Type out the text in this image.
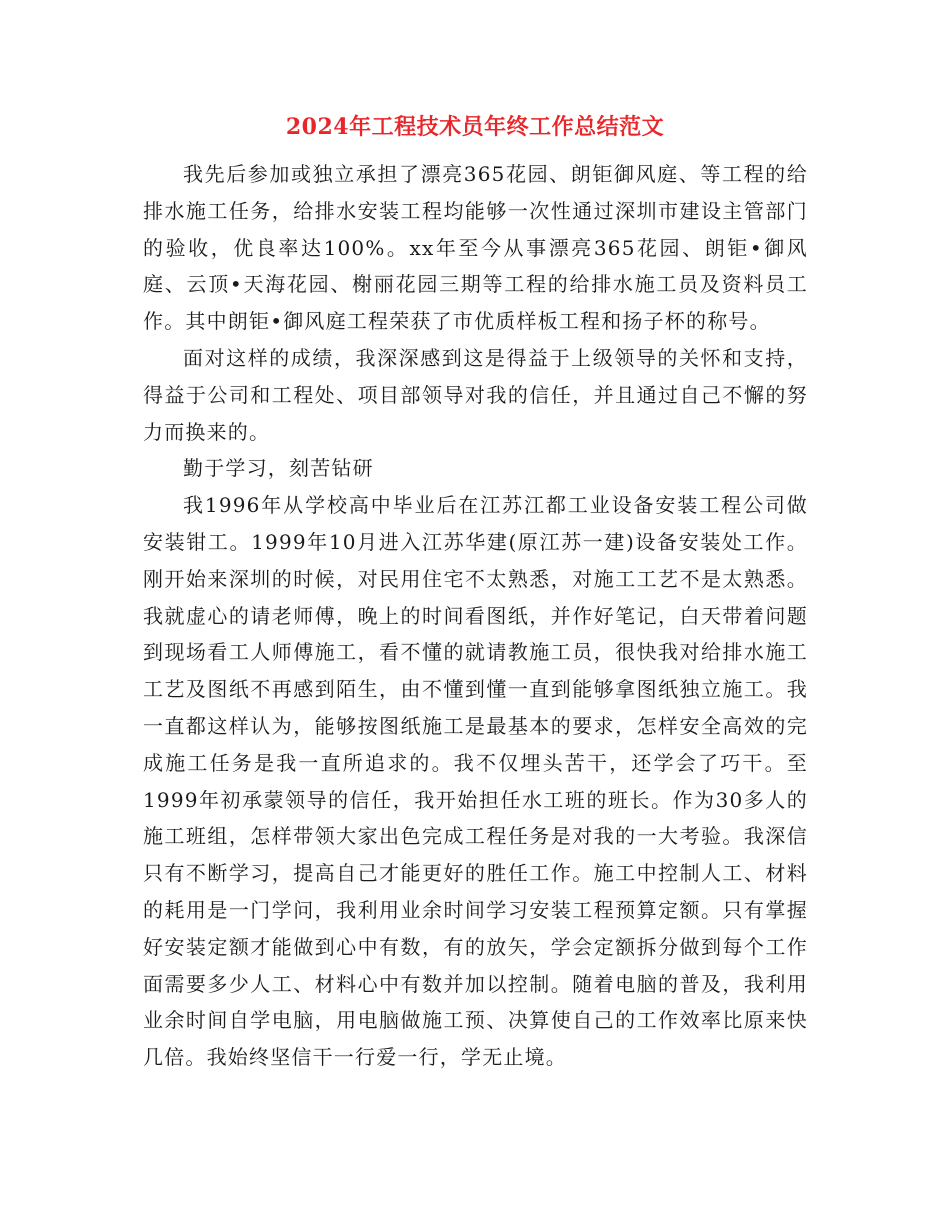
2024年工程技术员年终工作总结范文

我先后参加或独立承担了漂亮365花园、朗钜御风庭、等工程的给排水施工任务，给排水安装工程均能够一次性通过深圳市建设主管部门的验收，优良率达100%。xx年至今从事漂亮365花园、朗钜•御风庭、云顶•天海花园、榭丽花园三期等工程的给排水施工员及资料员工作。其中朗钜•御风庭工程荣获了市优质样板工程和扬子杯的称号。

面对这样的成绩，我深深感到这是得益于上级领导的关怀和支持，得益于公司和工程处、项目部领导对我的信任，并且通过自己不懈的努力而换来的。

勤于学习，刻苦钻研

我1996年从学校高中毕业后在江苏江都工业设备安装工程公司做安装钳工。1999年10月进入江苏华建(原江苏一建)设备安装处工作。刚开始来深圳的时候，对民用住宅不太熟悉，对施工工艺不是太熟悉。我就虚心的请老师傅，晚上的时间看图纸，并作好笔记，白天带着问题到现场看工人师傅施工，看不懂的就请教施工员，很快我对给排水施工工艺及图纸不再感到陌生，由不懂到懂一直到能够拿图纸独立施工。我一直都这样认为，能够按图纸施工是最基本的要求，怎样安全高效的完成施工任务是我一直所追求的。我不仅埋头苦干，还学会了巧干。至1999年初承蒙领导的信任，我开始担任水工班的班长。作为30多人的施工班组，怎样带领大家出色完成工程任务是对我的一大考验。我深信只有不断学习，提高自己才能更好的胜任工作。施工中控制人工、材料的耗用是一门学问，我利用业余时间学习安装工程预算定额。只有掌握好安装定额才能做到心中有数，有的放矢，学会定额拆分做到每个工作面需要多少人工、材料心中有数并加以控制。随着电脑的普及，我利用业余时间自学电脑，用电脑做施工预、决算使自己的工作效率比原来快几倍。我始终坚信干一行爱一行，学无止境。
